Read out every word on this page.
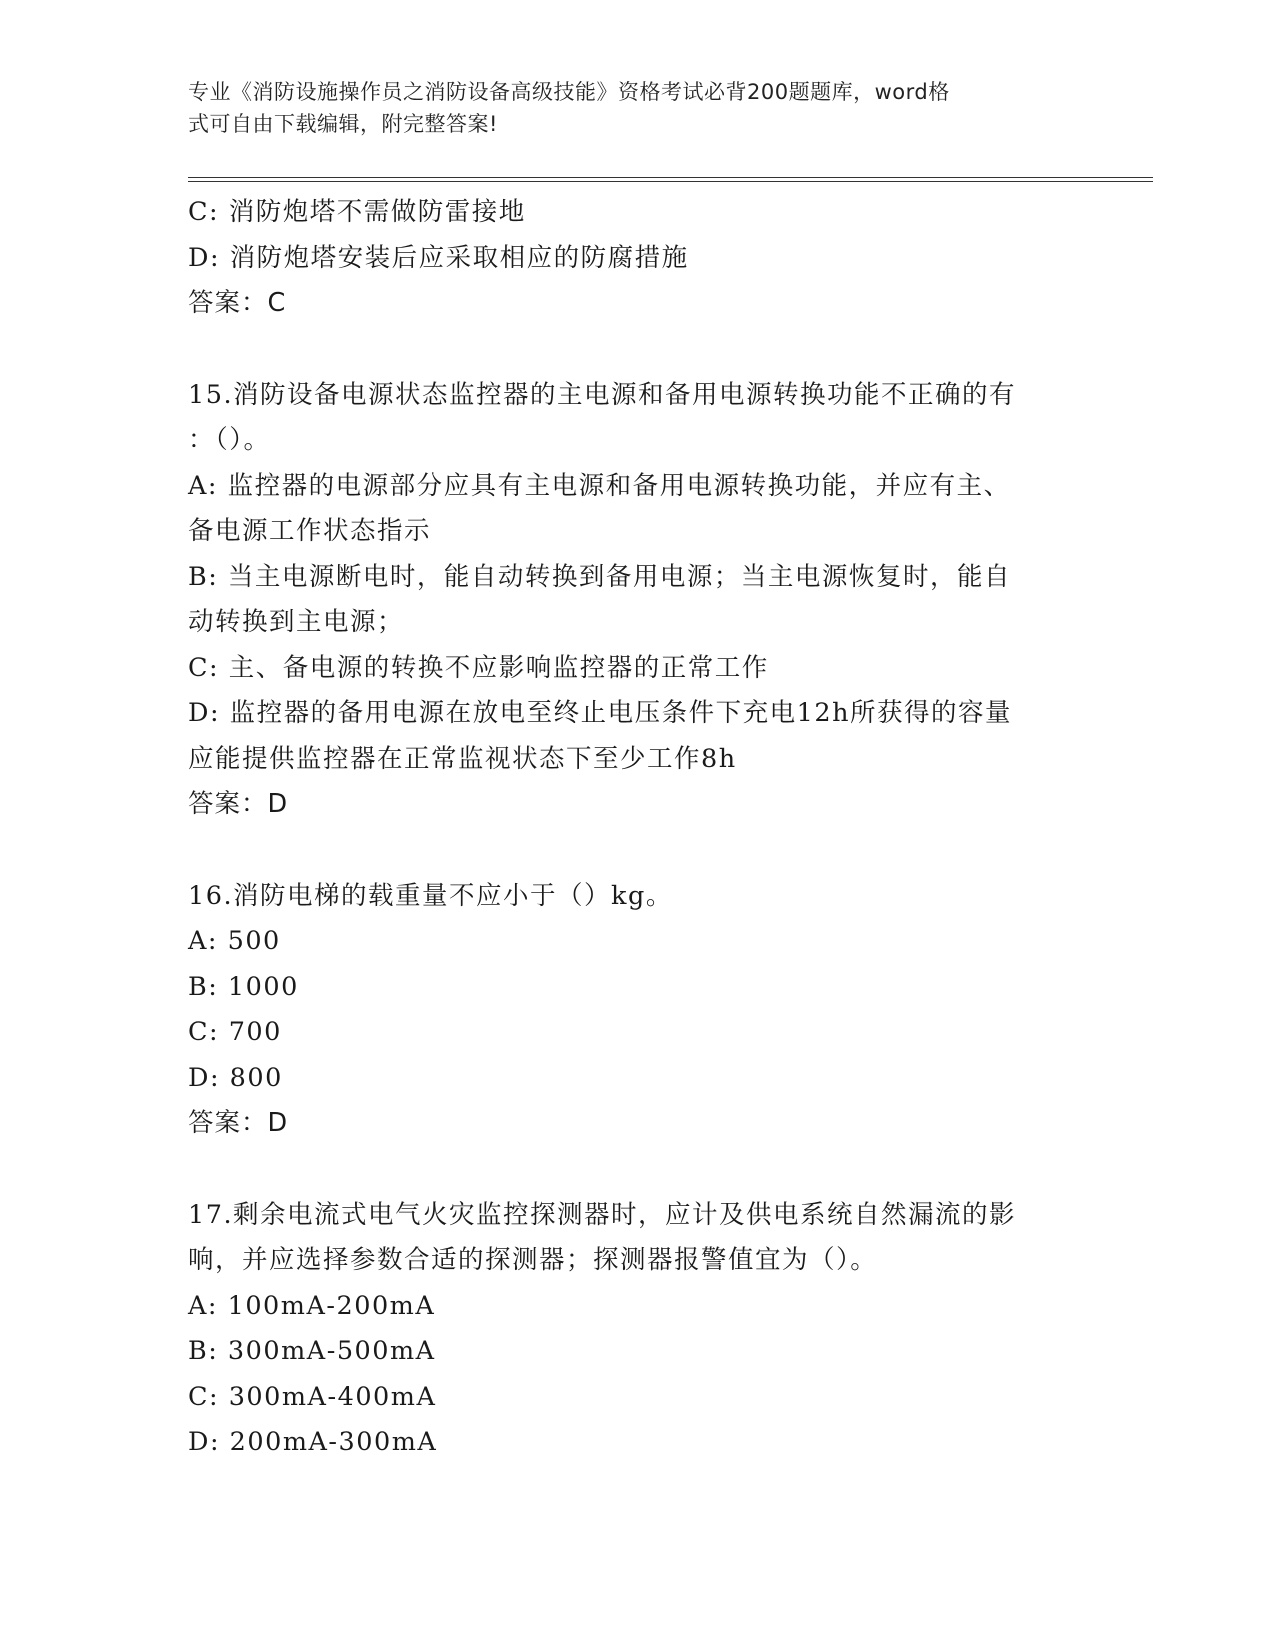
专业《消防设施操作员之消防设备高级技能》资格考试必背200题题库，word格
式可自由下载编辑，附完整答案!
C: 消防炮塔不需做防雷接地
D: 消防炮塔安装后应采取相应的防腐措施
答案：C
15.消防设备电源状态监控器的主电源和备用电源转换功能不正确的有
：（）。
A: 监控器的电源部分应具有主电源和备用电源转换功能，并应有主、
备电源工作状态指示
B: 当主电源断电时，能自动转换到备用电源；当主电源恢复时，能自
动转换到主电源；
C: 主、备电源的转换不应影响监控器的正常工作
D: 监控器的备用电源在放电至终止电压条件下充电12h所获得的容量
应能提供监控器在正常监视状态下至少工作8h
答案：D
16.消防电梯的载重量不应小于（）kg。
A: 500
B: 1000
C: 700
D: 800
答案：D
17.剩余电流式电气火灾监控探测器时，应计及供电系统自然漏流的影
响，并应选择参数合适的探测器；探测器报警值宜为（）。
A: 100mA-200mA
B: 300mA-500mA
C: 300mA-400mA
D: 200mA-300mA
